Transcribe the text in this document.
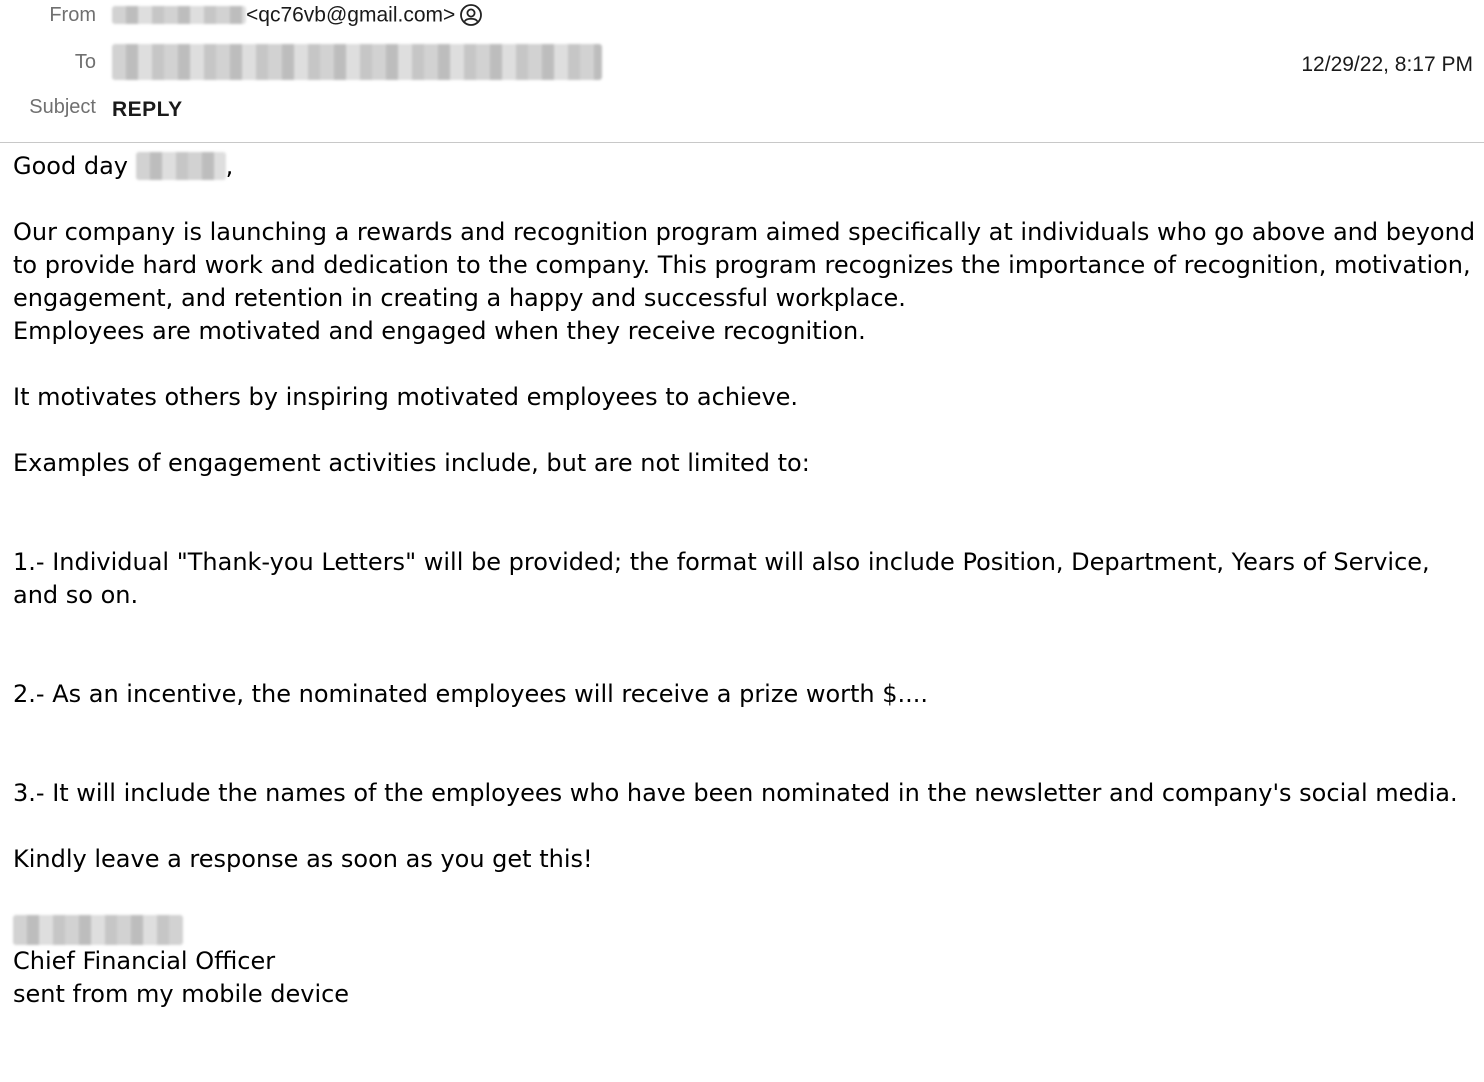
From	<qc76vb@gmail.com>
To	12/29/22, 8:17 PM
Subject REPLY

Good day	,

Our company is launching a rewards and recognition program aimed specifically at individuals who go above and beyond to provide hard work and dedication to the company. This program recognizes the importance of recognition, motivation, engagement, and retention in creating a happy and successful workplace.

Employees are motivated and engaged when they receive recognition.

It motivates others by inspiring motivated employees to achieve.

Examples of engagement activities include, but are not limited to:

1.- Individual "Thank-you Letters" will be provided; the format will also include Position, Department, Years of Service, and so on.

2.- As an incentive, the nominated employees will receive a prize worth $....

3.- It will include the names of the employees who have been nominated in the newsletter and company's social media.

Kindly leave a response as soon as you get this!

Chief Financial Officer

sent from my mobile device
